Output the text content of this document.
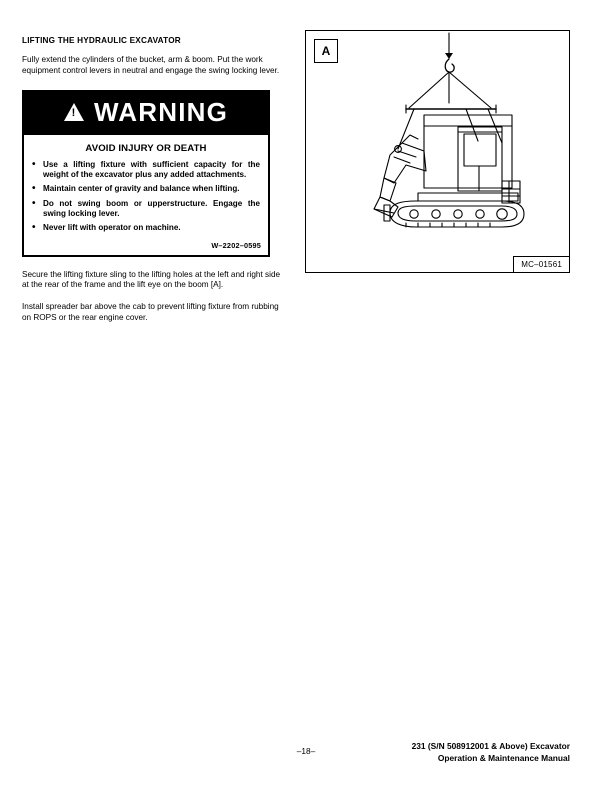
LIFTING THE HYDRAULIC EXCAVATOR

Fully extend the cylinders of the bucket, arm & boom. Put the work equipment control levers in neutral and engage the swing locking lever.

!
WARNING
AVOID INJURY OR DEATH
• Use a lifting fixture with sufficient capacity for the weight of the excavator plus any added attachments.
• Maintain center of gravity and balance when lifting.
• Do not swing boom or upperstructure. Engage the swing locking lever.
• Never lift with operator on machine.
W–2202–0595

Secure the lifting fixture sling to the lifting holes at the left and right side at the rear of the frame and the lift eye on the boom [A].

Install spreader bar above the cab to prevent lifting fixture from rubbing on ROPS or the rear engine cover.

A
MC–01561
–18–	231 (S/N 508912001 & Above) Excavator
Operation & Maintenance Manual
